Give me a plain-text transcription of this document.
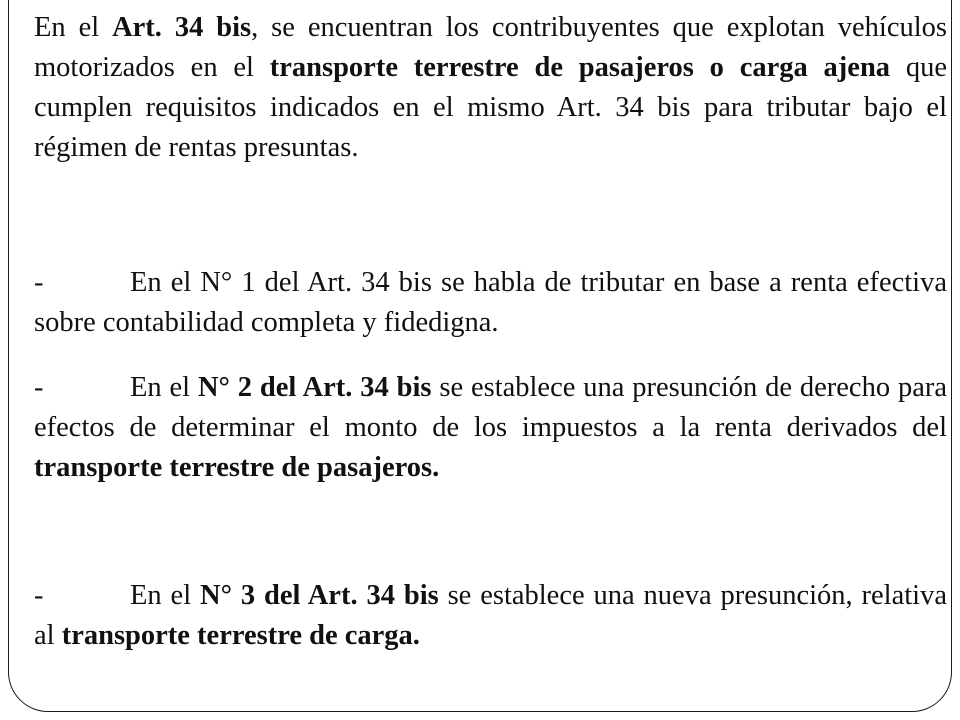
En el Art. 34 bis, se encuentran los contribuyentes que explotan vehículos motorizados en el transporte terrestre de pasajeros o carga ajena que cumplen requisitos indicados en el mismo Art. 34 bis para tributar bajo el régimen de rentas presuntas.

-	En el N° 1 del Art. 34 bis se habla de tributar en base a renta efectiva sobre contabilidad completa y fidedigna.

-	En el N° 2 del Art. 34 bis se establece una presunción de derecho para efectos de determinar el monto de los impuestos a la renta derivados del transporte terrestre de pasajeros.

-	En el N° 3 del Art. 34 bis se establece una nueva presunción, relativa al transporte terrestre de carga.
